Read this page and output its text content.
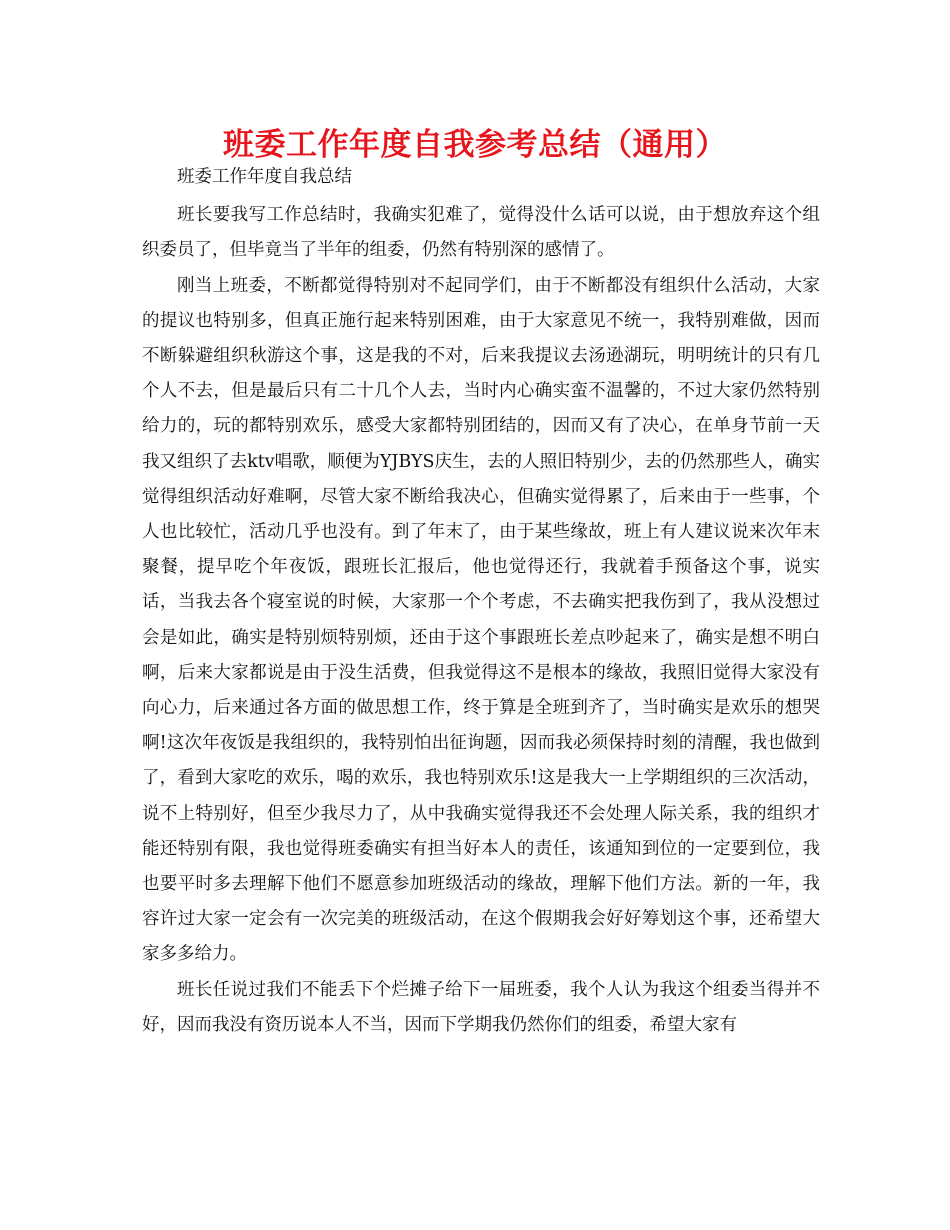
班委工作年度自我参考总结（通用）

班委工作年度自我总结

班长要我写工作总结时，我确实犯难了，觉得没什么话可以说，由于想放弃这个组织委员了，但毕竟当了半年的组委，仍然有特别深的感情了。

刚当上班委，不断都觉得特别对不起同学们，由于不断都没有组织什么活动，大家的提议也特别多，但真正施行起来特别困难，由于大家意见不统一，我特别难做，因而不断躲避组织秋游这个事，这是我的不对，后来我提议去汤逊湖玩，明明统计的只有几个人不去，但是最后只有二十几个人去，当时内心确实蛮不温馨的，不过大家仍然特别给力的，玩的都特别欢乐，感受大家都特别团结的，因而又有了决心，在单身节前一天我又组织了去ktv唱歌，顺便为YJBYS庆生，去的人照旧特别少，去的仍然那些人，确实觉得组织活动好难啊，尽管大家不断给我决心，但确实觉得累了，后来由于一些事，个人也比较忙，活动几乎也没有。到了年末了，由于某些缘故，班上有人建议说来次年末聚餐，提早吃个年夜饭，跟班长汇报后，他也觉得还行，我就着手预备这个事，说实话，当我去各个寝室说的时候，大家那一个个考虑，不去确实把我伤到了，我从没想过会是如此，确实是特别烦特别烦，还由于这个事跟班长差点吵起来了，确实是想不明白啊，后来大家都说是由于没生活费，但我觉得这不是根本的缘故，我照旧觉得大家没有向心力，后来通过各方面的做思想工作，终于算是全班到齐了，当时确实是欢乐的想哭啊!这次年夜饭是我组织的，我特别怕出征询题，因而我必须保持时刻的清醒，我也做到了，看到大家吃的欢乐，喝的欢乐，我也特别欢乐!这是我大一上学期组织的三次活动，说不上特别好，但至少我尽力了，从中我确实觉得我还不会处理人际关系，我的组织才能还特别有限，我也觉得班委确实有担当好本人的责任，该通知到位的一定要到位，我也要平时多去理解下他们不愿意参加班级活动的缘故，理解下他们方法。新的一年，我容许过大家一定会有一次完美的班级活动，在这个假期我会好好筹划这个事，还希望大家多多给力。

班长任说过我们不能丢下个烂摊子给下一届班委，我个人认为我这个组委当得并不好，因而我没有资历说本人不当，因而下学期我仍然你们的组委，希望大家有
